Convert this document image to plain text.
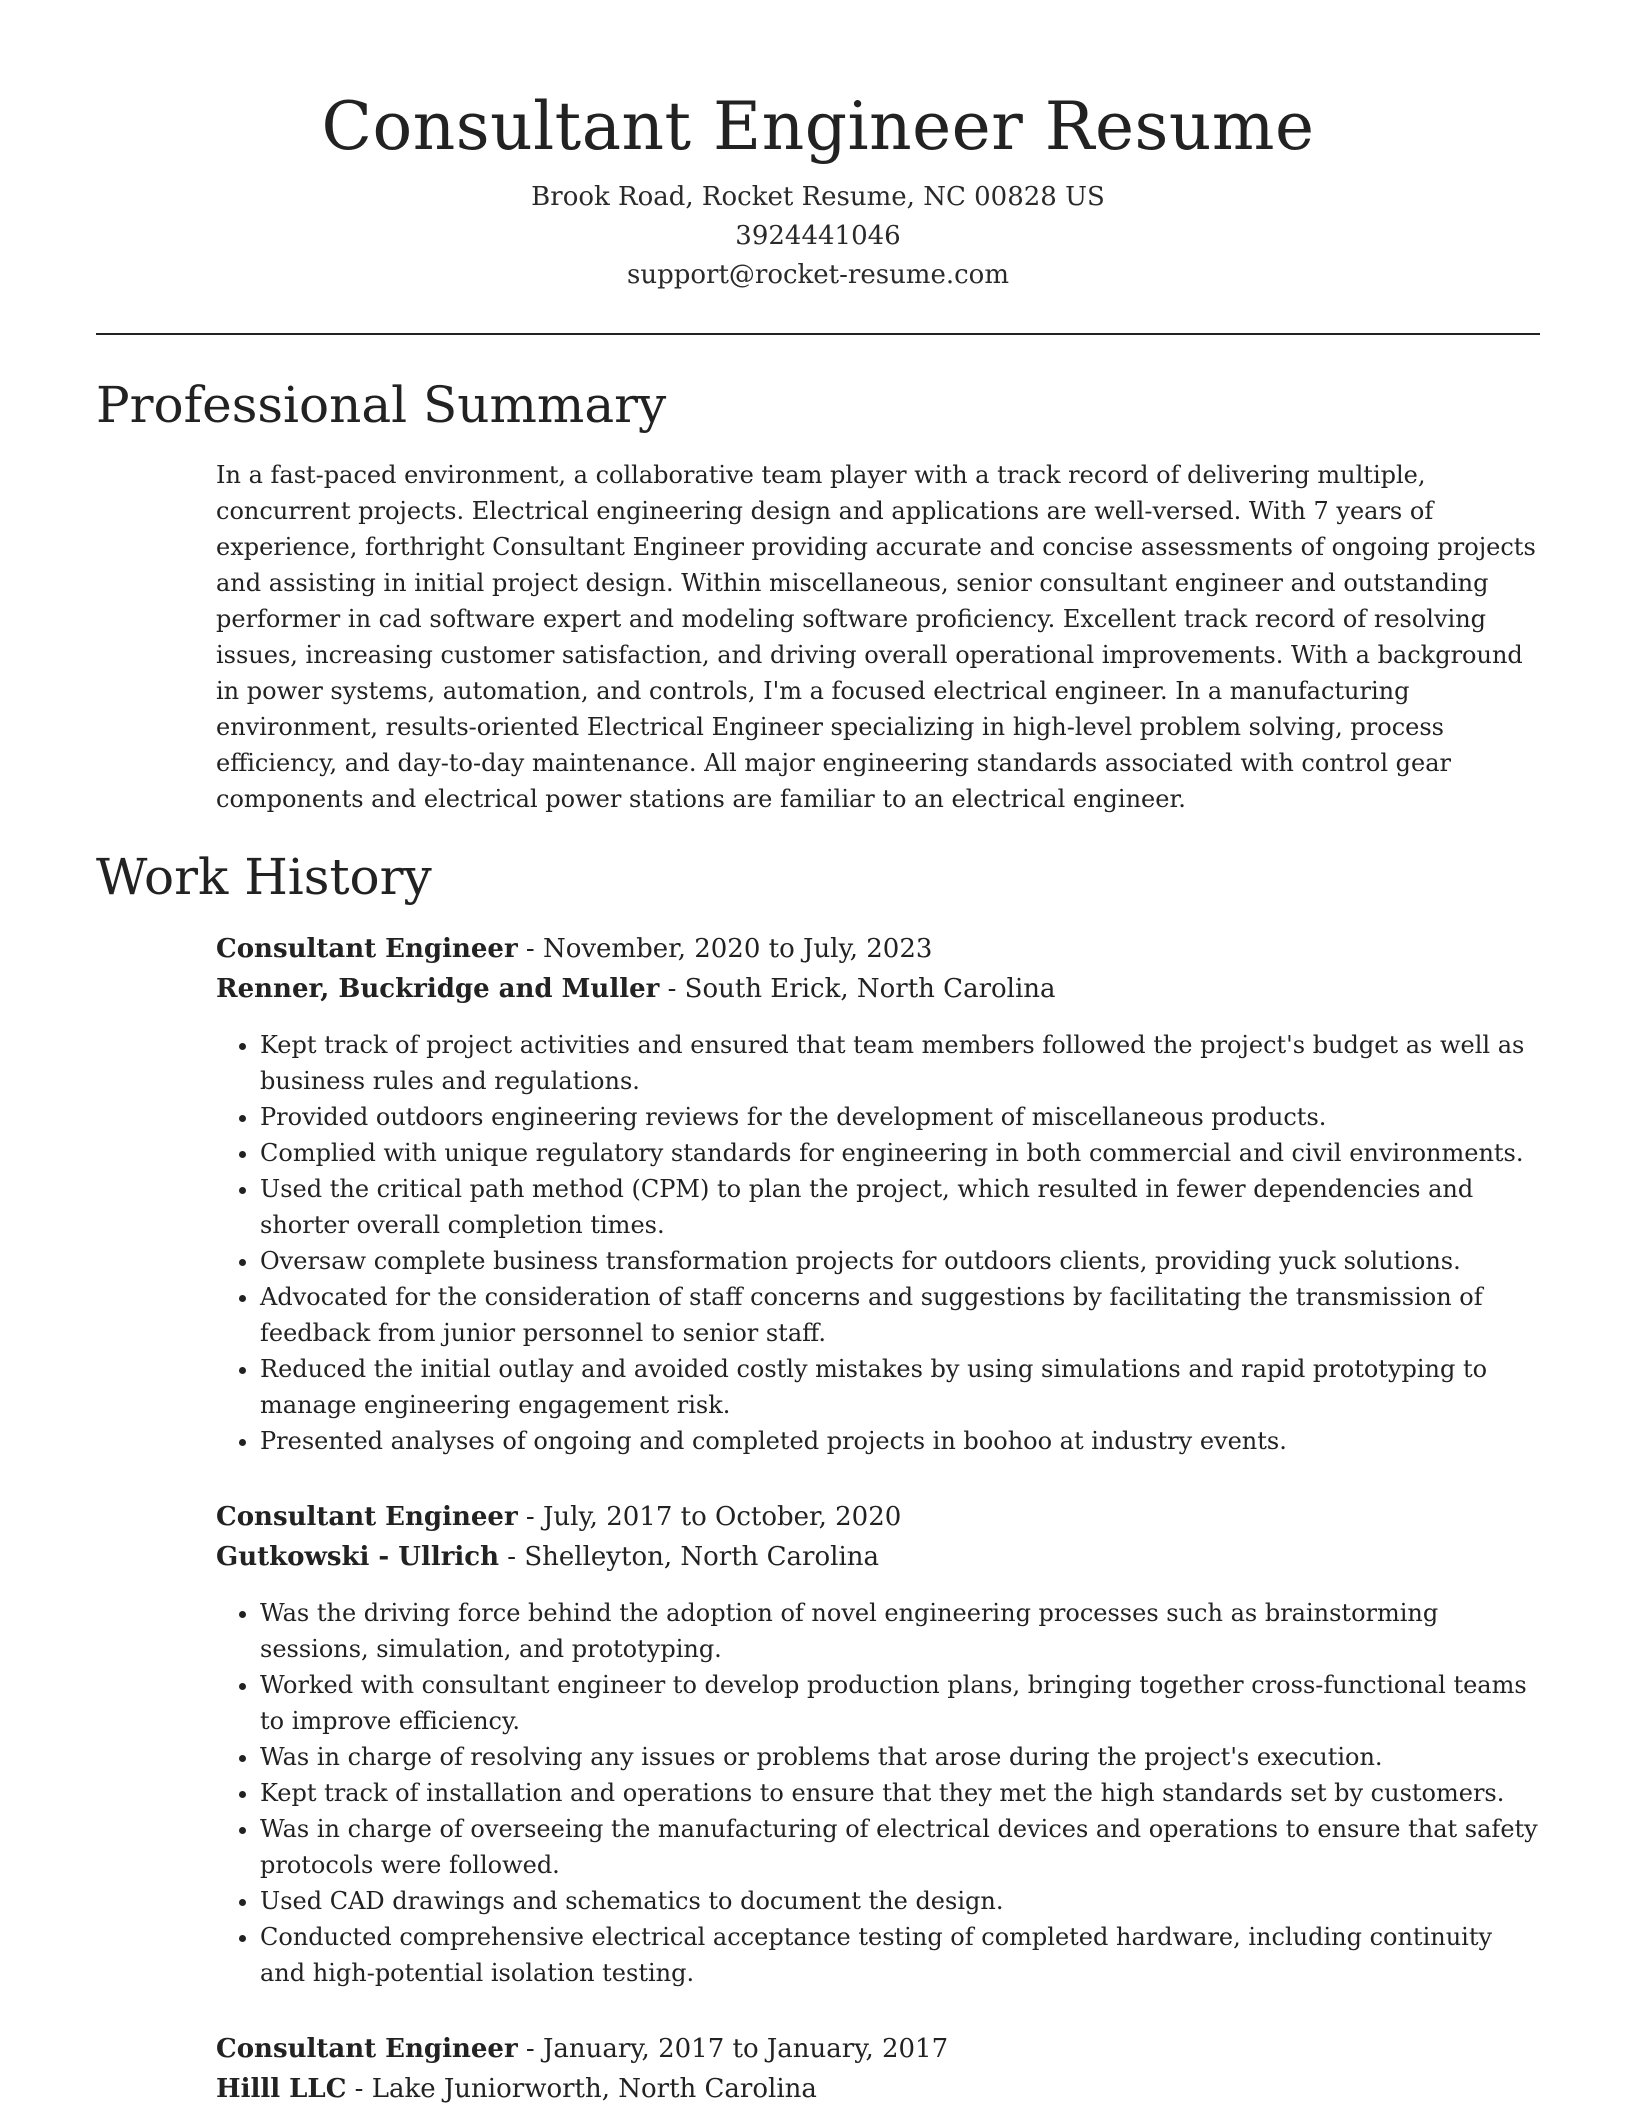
Consultant Engineer Resume
Brook Road, Rocket Resume, NC 00828 US
3924441046
support@rocket-resume.com
Professional Summary
In a fast-paced environment, a collaborative team player with a track record of delivering multiple, concurrent projects. Electrical engineering design and applications are well-versed. With 7 years of experience, forthright Consultant Engineer providing accurate and concise assessments of ongoing projects and assisting in initial project design. Within miscellaneous, senior consultant engineer and outstanding performer in cad software expert and modeling software proficiency. Excellent track record of resolving issues, increasing customer satisfaction, and driving overall operational improvements. With a background in power systems, automation, and controls, I'm a focused electrical engineer. In a manufacturing environment, results-oriented Electrical Engineer specializing in high-level problem solving, process efficiency, and day-to-day maintenance. All major engineering standards associated with control gear components and electrical power stations are familiar to an electrical engineer.
Work History
Consultant Engineer - November, 2020 to July, 2023
Renner, Buckridge and Muller - South Erick, North Carolina
• Kept track of project activities and ensured that team members followed the project's budget as well as business rules and regulations.
• Provided outdoors engineering reviews for the development of miscellaneous products.
• Complied with unique regulatory standards for engineering in both commercial and civil environments.
• Used the critical path method (CPM) to plan the project, which resulted in fewer dependencies and shorter overall completion times.
• Oversaw complete business transformation projects for outdoors clients, providing yuck solutions.
• Advocated for the consideration of staff concerns and suggestions by facilitating the transmission of feedback from junior personnel to senior staff.
• Reduced the initial outlay and avoided costly mistakes by using simulations and rapid prototyping to manage engineering engagement risk.
• Presented analyses of ongoing and completed projects in boohoo at industry events.
Consultant Engineer - July, 2017 to October, 2020
Gutkowski - Ullrich - Shelleyton, North Carolina
• Was the driving force behind the adoption of novel engineering processes such as brainstorming sessions, simulation, and prototyping.
• Worked with consultant engineer to develop production plans, bringing together cross-functional teams to improve efficiency.
• Was in charge of resolving any issues or problems that arose during the project's execution.
• Kept track of installation and operations to ensure that they met the high standards set by customers.
• Was in charge of overseeing the manufacturing of electrical devices and operations to ensure that safety protocols were followed.
• Used CAD drawings and schematics to document the design.
• Conducted comprehensive electrical acceptance testing of completed hardware, including continuity and high-potential isolation testing.
Consultant Engineer - January, 2017 to January, 2017
Hilll LLC - Lake Juniorworth, North Carolina
